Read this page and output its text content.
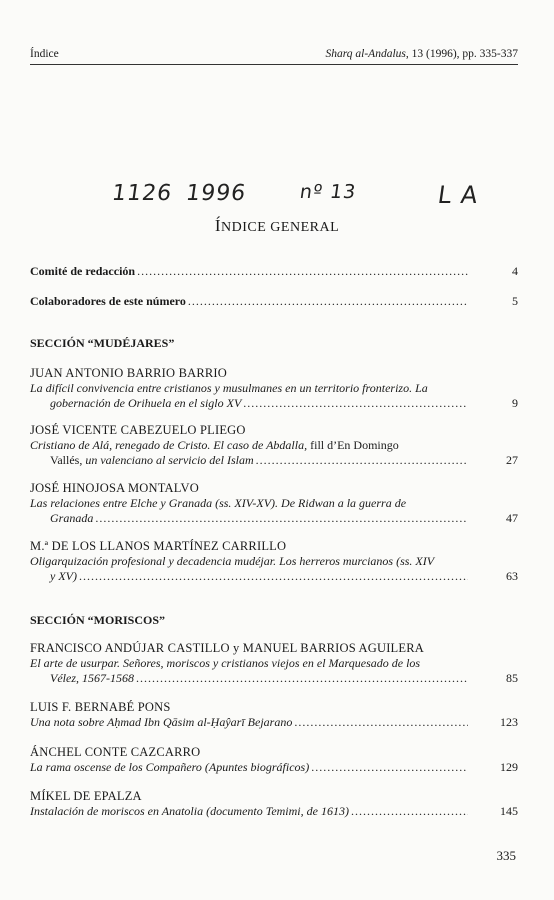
Índice	Sharq al-Andalus, 13 (1996), pp. 335-337
1126 1996	nº 13	L A
ÍNDICE GENERAL
Comité de redacción .....	4
Colaboradores de este número .....	5
SECCIÓN “MUDÉJARES”
JUAN ANTONIO BARRIO BARRIO
La difícil convivencia entre cristianos y musulmanes en un territorio fronterizo. La
gobernación de Orihuela en el siglo XV .....	9
JOSÉ VICENTE CABEZUELO PLIEGO
Cristiano de Alá, renegado de Cristo. El caso de Abdalla, fill d’En Domingo
Vallés, un valenciano al servicio del Islam .....	27
JOSÉ HINOJOSA MONTALVO
Las relaciones entre Elche y Granada (ss. XIV-XV). De Ridwan a la guerra de
Granada .....	47
M.ª DE LOS LLANOS MARTÍNEZ CARRILLO
Oligarquización profesional y decadencia mudéjar. Los herreros murcianos (ss. XIV
y XV) .....	63
SECCIÓN “MORISCOS”
FRANCISCO ANDÚJAR CASTILLO y MANUEL BARRIOS AGUILERA
El arte de usurpar. Señores, moriscos y cristianos viejos en el Marquesado de los
Vélez, 1567-1568 .....	85
LUIS F. BERNABÉ PONS
Una nota sobre Aḥmad Ibn Qāsim al-Ḥaŷarī Bejarano .....	123
ÁNCHEL CONTE CAZCARRO
La rama oscense de los Compañero (Apuntes biográficos) .....	129
MÍKEL DE EPALZA
Instalación de moriscos en Anatolia (documento Temimi, de 1613) .....	145
335
